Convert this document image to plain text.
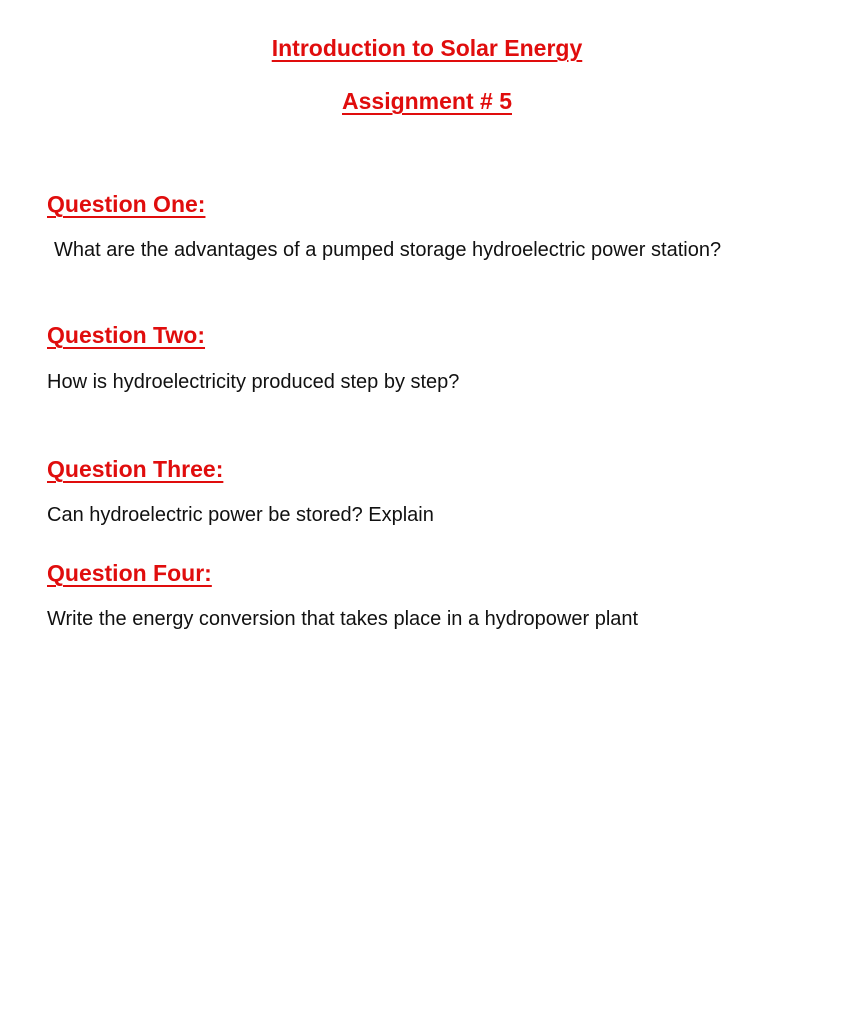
Introduction to Solar Energy
Assignment # 5
Question One:

What are the advantages of a pumped storage hydroelectric power station?

Question Two:

How is hydroelectricity produced step by step?

Question Three:

Can hydroelectric power be stored? Explain

Question Four:

Write the energy conversion that takes place in a hydropower plant
